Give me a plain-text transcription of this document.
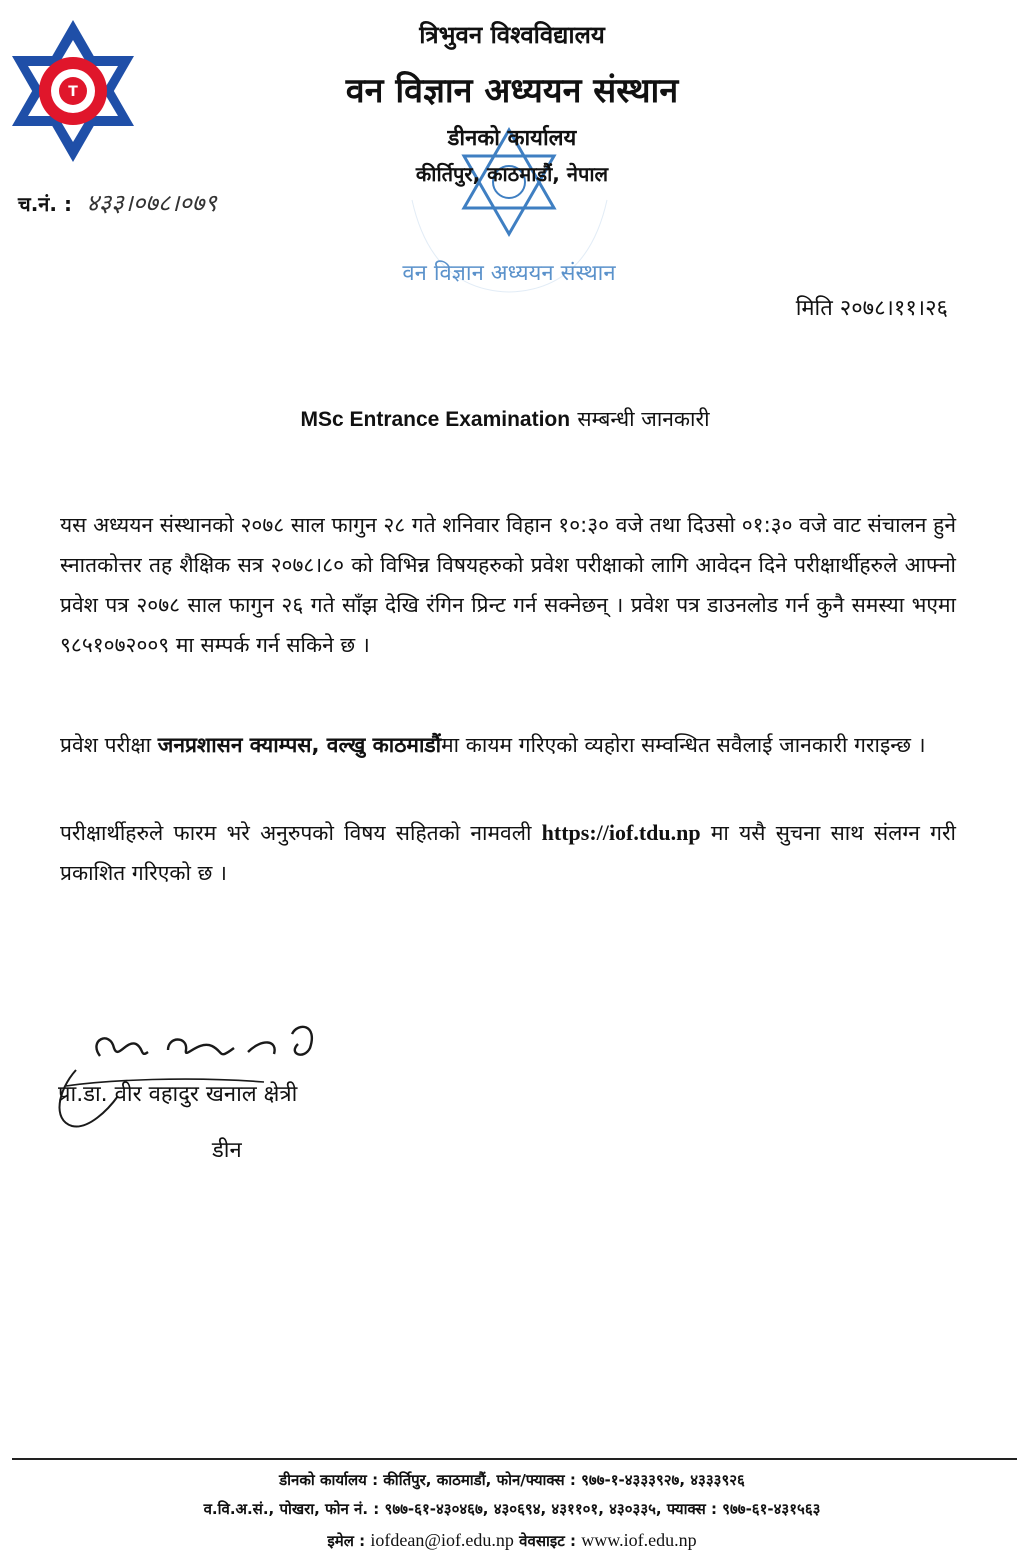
T
वन विज्ञान अध्ययन संस्थान
त्रिभुवन विश्वविद्यालय
वन विज्ञान अध्ययन संस्थान
डीनको कार्यालय
कीर्तिपुर, काठमाडौं, नेपाल
च.नं. : ४३३।०७८।०७९
मिति २०७८।११।२६
MSc Entrance Examination सम्बन्धी जानकारी
यस अध्ययन संस्थानको २०७८ साल फागुन २८ गते शनिवार विहान १०:३० वजे तथा दिउसो ०१:३० वजे वाट संचालन हुने स्नातकोत्तर तह शैक्षिक सत्र २०७८।८० को विभिन्न विषयहरुको प्रवेश परीक्षाको लागि आवेदन दिने परीक्षार्थीहरुले आफ्नो प्रवेश पत्र २०७८ साल फागुन २६ गते साँझ देखि रंगिन प्रिन्ट गर्न सक्नेछन् । प्रवेश पत्र डाउनलोड गर्न कुनै समस्या भएमा ९८५१०७२००९ मा सम्पर्क गर्न सकिने छ ।
प्रवेश परीक्षा जनप्रशासन क्याम्पस, वल्खु काठमाडौंमा कायम गरिएको व्यहोरा सम्वन्धित सवैलाई जानकारी गराइन्छ ।
परीक्षार्थीहरुले फारम भरे अनुरुपको विषय सहितको नामवली https://iof.tdu.np मा यसै सुचना साथ संलग्न गरी प्रकाशित गरिएको छ ।
प्रा.डा. वीर वहादुर खनाल क्षेत्री
डीन
डीनको कार्यालय : कीर्तिपुर, काठमाडौं, फोन/फ्याक्स : ९७७-१-४३३३९२७, ४३३३९२६
व.वि.अ.सं., पोखरा, फोन नं. : ९७७-६१-४३०४६७, ४३०६९४, ४३११०१, ४३०३३५, फ्याक्स : ९७७-६१-४३१५६३
इमेल : iofdean@iof.edu.np वेवसाइट : www.iof.edu.np
